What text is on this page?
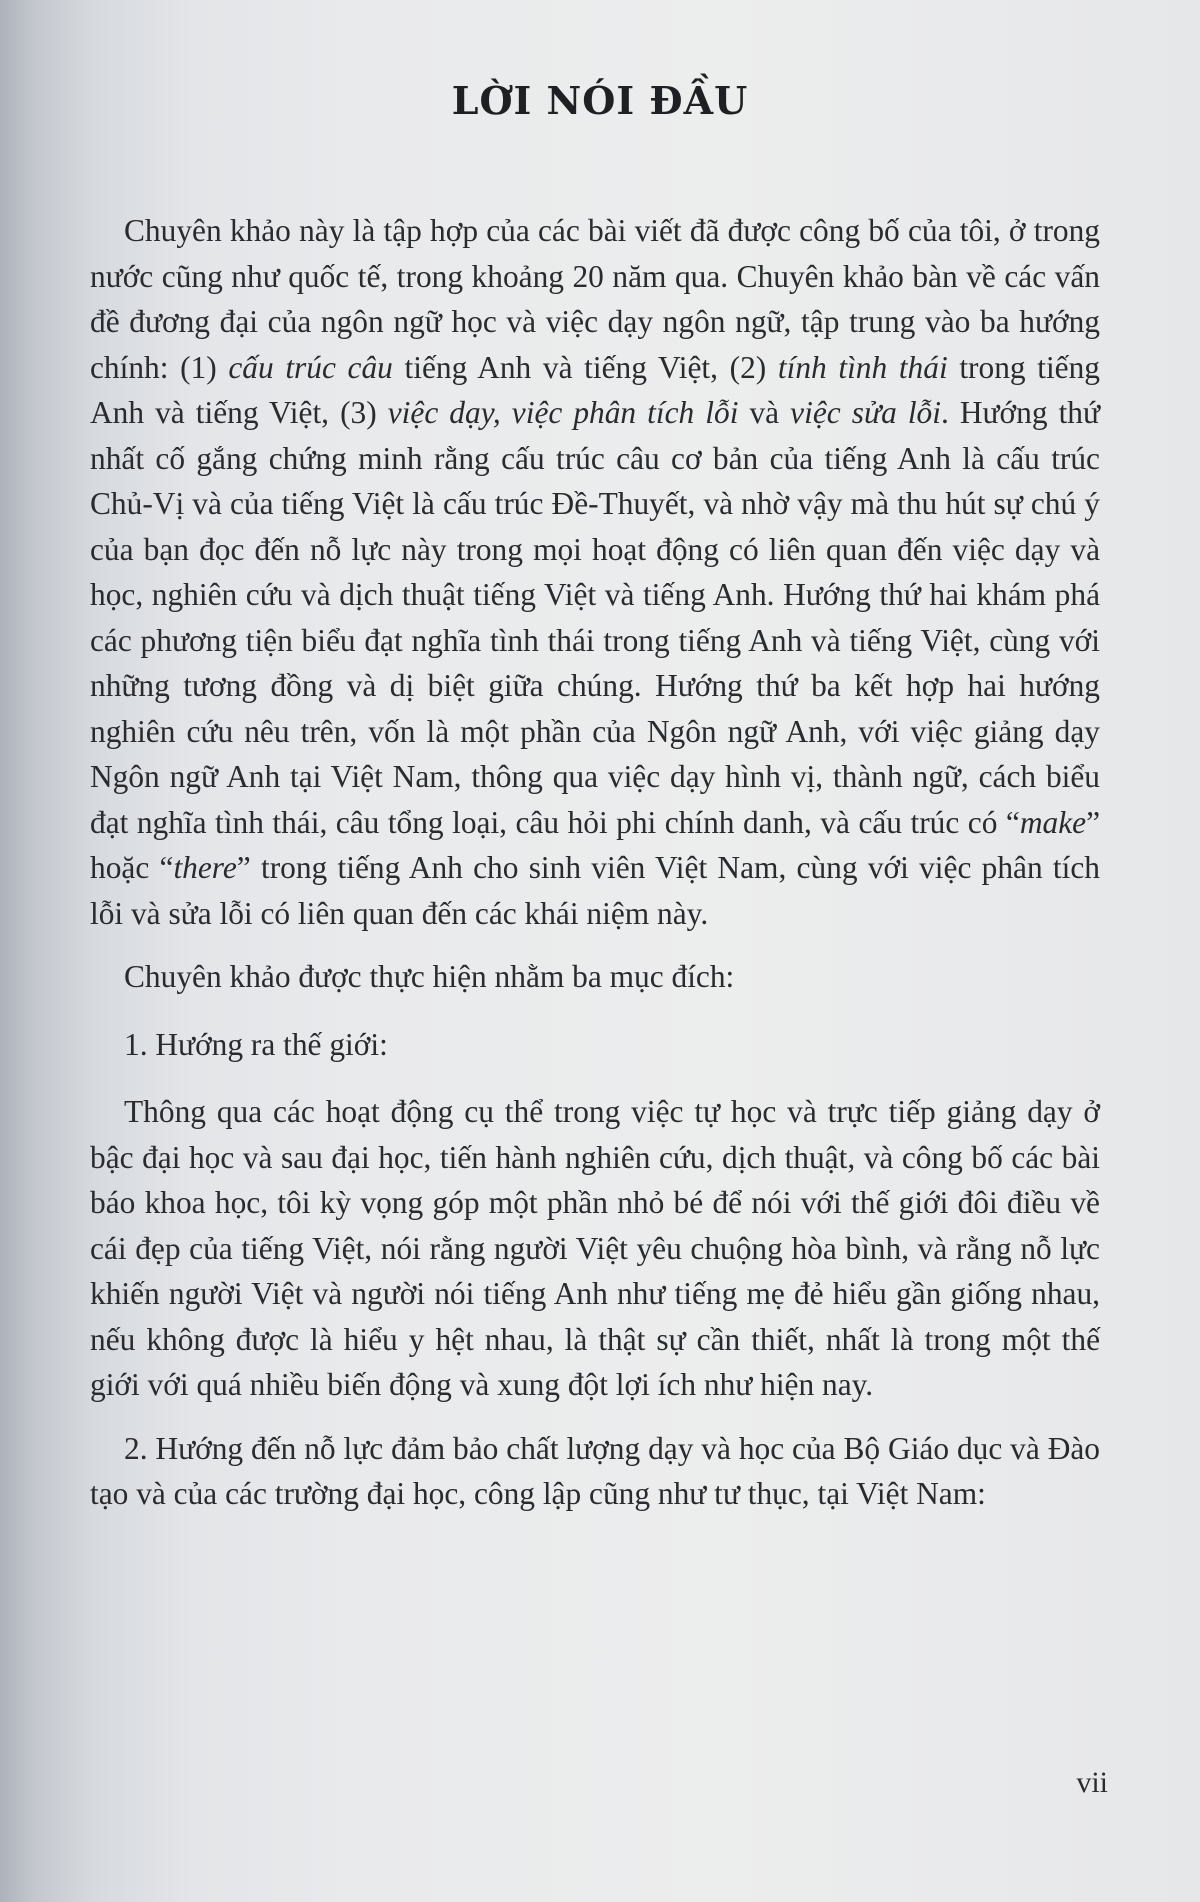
LỜI NÓI ĐẦU

Chuyên khảo này là tập hợp của các bài viết đã được công bố của tôi, ở trong nước cũng như quốc tế, trong khoảng 20 năm qua. Chuyên khảo bàn về các vấn đề đương đại của ngôn ngữ học và việc dạy ngôn ngữ, tập trung vào ba hướng chính: (1) cấu trúc câu tiếng Anh và tiếng Việt, (2) tính tình thái trong tiếng Anh và tiếng Việt, (3) việc dạy, việc phân tích lỗi và việc sửa lỗi. Hướng thứ nhất cố gắng chứng minh rằng cấu trúc câu cơ bản của tiếng Anh là cấu trúc Chủ-Vị và của tiếng Việt là cấu trúc Đề-Thuyết, và nhờ vậy mà thu hút sự chú ý của bạn đọc đến nỗ lực này trong mọi hoạt động có liên quan đến việc dạy và học, nghiên cứu và dịch thuật tiếng Việt và tiếng Anh. Hướng thứ hai khám phá các phương tiện biểu đạt nghĩa tình thái trong tiếng Anh và tiếng Việt, cùng với những tương đồng và dị biệt giữa chúng. Hướng thứ ba kết hợp hai hướng nghiên cứu nêu trên, vốn là một phần của Ngôn ngữ Anh, với việc giảng dạy Ngôn ngữ Anh tại Việt Nam, thông qua việc dạy hình vị, thành ngữ, cách biểu đạt nghĩa tình thái, câu tổng loại, câu hỏi phi chính danh, và cấu trúc có “make” hoặc “there” trong tiếng Anh cho sinh viên Việt Nam, cùng với việc phân tích lỗi và sửa lỗi có liên quan đến các khái niệm này.

Chuyên khảo được thực hiện nhằm ba mục đích:

1. Hướng ra thế giới:

Thông qua các hoạt động cụ thể trong việc tự học và trực tiếp giảng dạy ở bậc đại học và sau đại học, tiến hành nghiên cứu, dịch thuật, và công bố các bài báo khoa học, tôi kỳ vọng góp một phần nhỏ bé để nói với thế giới đôi điều về cái đẹp của tiếng Việt, nói rằng người Việt yêu chuộng hòa bình, và rằng nỗ lực khiến người Việt và người nói tiếng Anh như tiếng mẹ đẻ hiểu gần giống nhau, nếu không được là hiểu y hệt nhau, là thật sự cần thiết, nhất là trong một thế giới với quá nhiều biến động và xung đột lợi ích như hiện nay.

2. Hướng đến nỗ lực đảm bảo chất lượng dạy và học của Bộ Giáo dục và Đào tạo và của các trường đại học, công lập cũng như tư thục, tại Việt Nam:

vii
